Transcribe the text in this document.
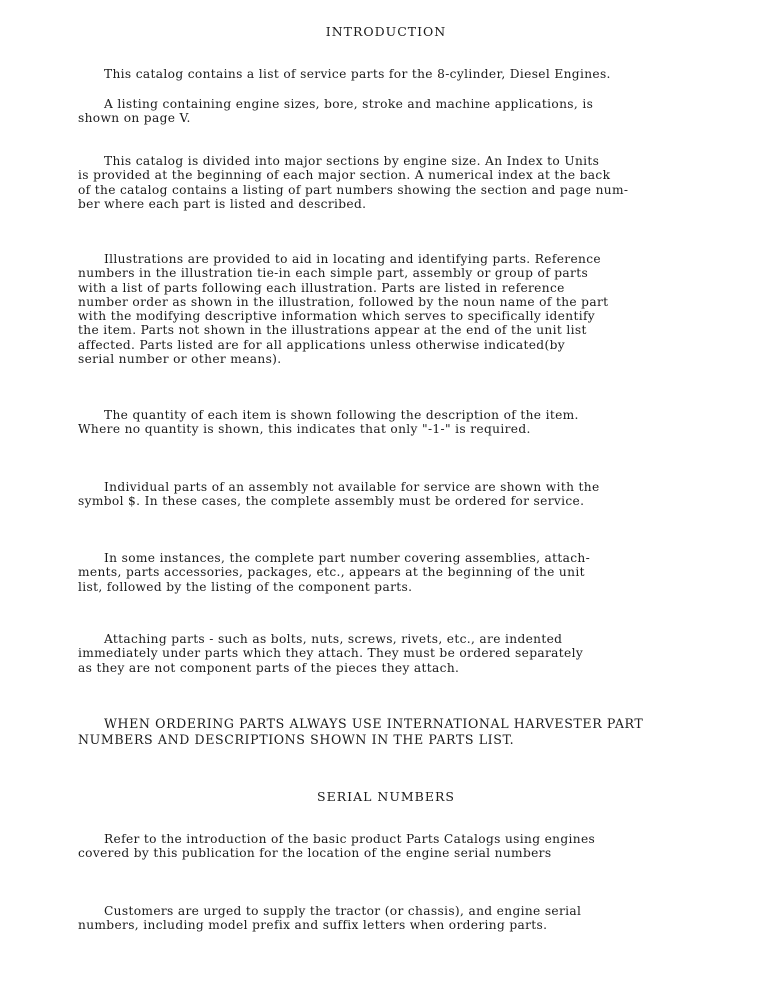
INTRODUCTION

This catalog contains a list of service parts for the 8-cylinder, Diesel Engines.

A listing containing engine sizes, bore, stroke and machine applications, is
shown on page V.

This catalog is divided into major sections by engine size. An Index to Units
is provided at the beginning of each major section. A numerical index at the back
of the catalog contains a listing of part numbers showing the section and page num-
ber where each part is listed and described.

Illustrations are provided to aid in locating and identifying parts. Reference
numbers in the illustration tie-in each simple part, assembly or group of parts
with a list of parts following each illustration. Parts are listed in reference
number order as shown in the illustration, followed by the noun name of the part
with the modifying descriptive information which serves to specifically identify
the item. Parts not shown in the illustrations appear at the end of the unit list
affected. Parts listed are for all applications unless otherwise indicated(by
serial number or other means).

The quantity of each item is shown following the description of the item.
Where no quantity is shown, this indicates that only "-1-" is required.

Individual parts of an assembly not available for service are shown with the
symbol $. In these cases, the complete assembly must be ordered for service.

In some instances, the complete part number covering assemblies, attach-
ments, parts accessories, packages, etc., appears at the beginning of the unit
list, followed by the listing of the component parts.

Attaching parts - such as bolts, nuts, screws, rivets, etc., are indented
immediately under parts which they attach. They must be ordered separately
as they are not component parts of the pieces they attach.

WHEN ORDERING PARTS ALWAYS USE INTERNATIONAL HARVESTER PART
NUMBERS AND DESCRIPTIONS SHOWN IN THE PARTS LIST.

SERIAL NUMBERS

Refer to the introduction of the basic product Parts Catalogs using engines
covered by this publication for the location of the engine serial numbers

Customers are urged to supply the tractor (or chassis), and engine serial
numbers, including model prefix and suffix letters when ordering parts.
